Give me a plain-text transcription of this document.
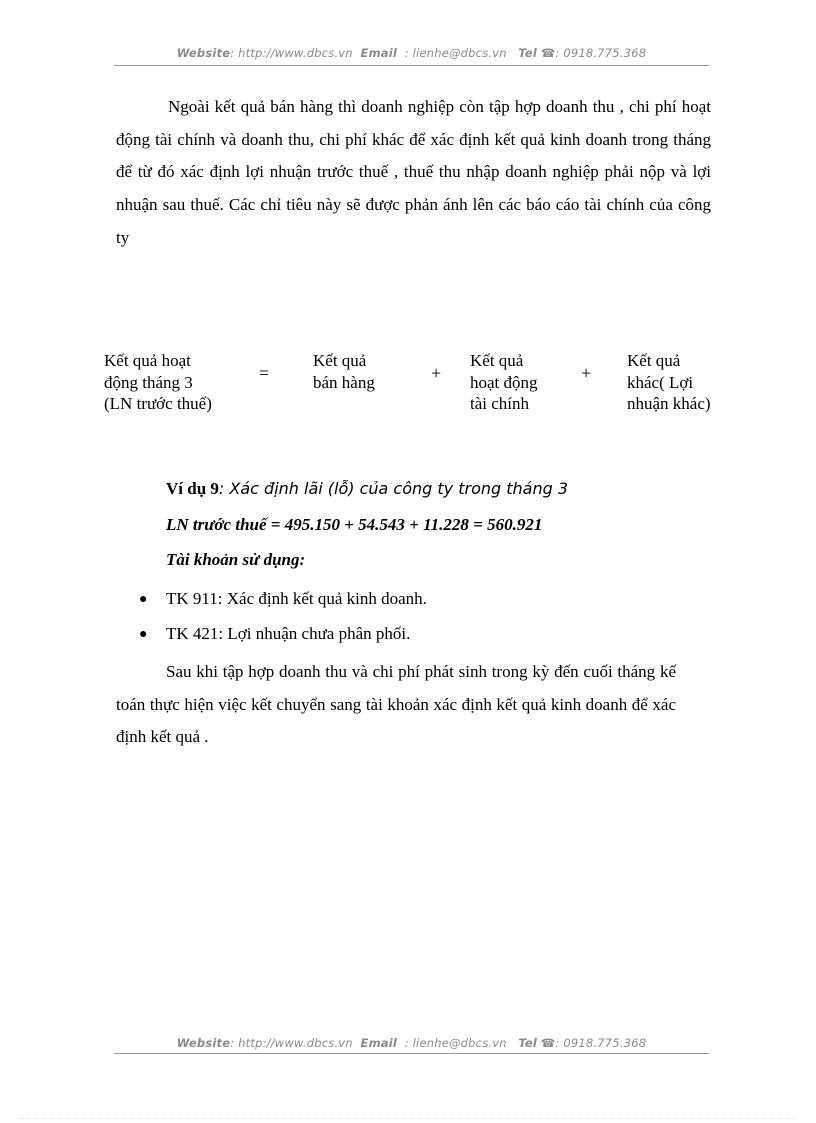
Website: http://www.dbcs.vn Email : lienhe@dbcs.vn Tel ☎: 0918.775.368
Ngoài kết quả bán hàng thì doanh nghiệp còn tập hợp doanh thu , chi phí hoạt động tài chính và doanh thu, chi phí khác để xác định kết quả kinh doanh trong tháng để từ đó xác định lợi nhuận trước thuế , thuế thu nhập doanh nghiệp phải nộp và lợi nhuận sau thuế. Các chỉ tiêu này sẽ được phản ánh lên các báo cáo tài chính của công ty
Kết quả hoạt
động tháng 3
(LN trước thuế)
=
Kết quả
bán hàng	+
Kết quả
hoạt động
tài chính
+
Kết quả
khác( Lợi
nhuận khác)
Ví dụ 9: Xác định lãi (lỗ) của công ty trong tháng 3
LN trước thuế = 495.150 + 54.543 + 11.228 = 560.921
Tài khoản sử dụng:
● TK 911: Xác định kết quả kinh doanh.
● TK 421: Lợi nhuận chưa phân phối.
Sau khi tập hợp doanh thu và chi phí phát sinh trong kỳ đến cuối tháng kế toán thực hiện việc kết chuyển sang tài khoản xác định kết quả kinh doanh để xác định kết quả .
Website: http://www.dbcs.vn Email : lienhe@dbcs.vn Tel ☎: 0918.775.368
